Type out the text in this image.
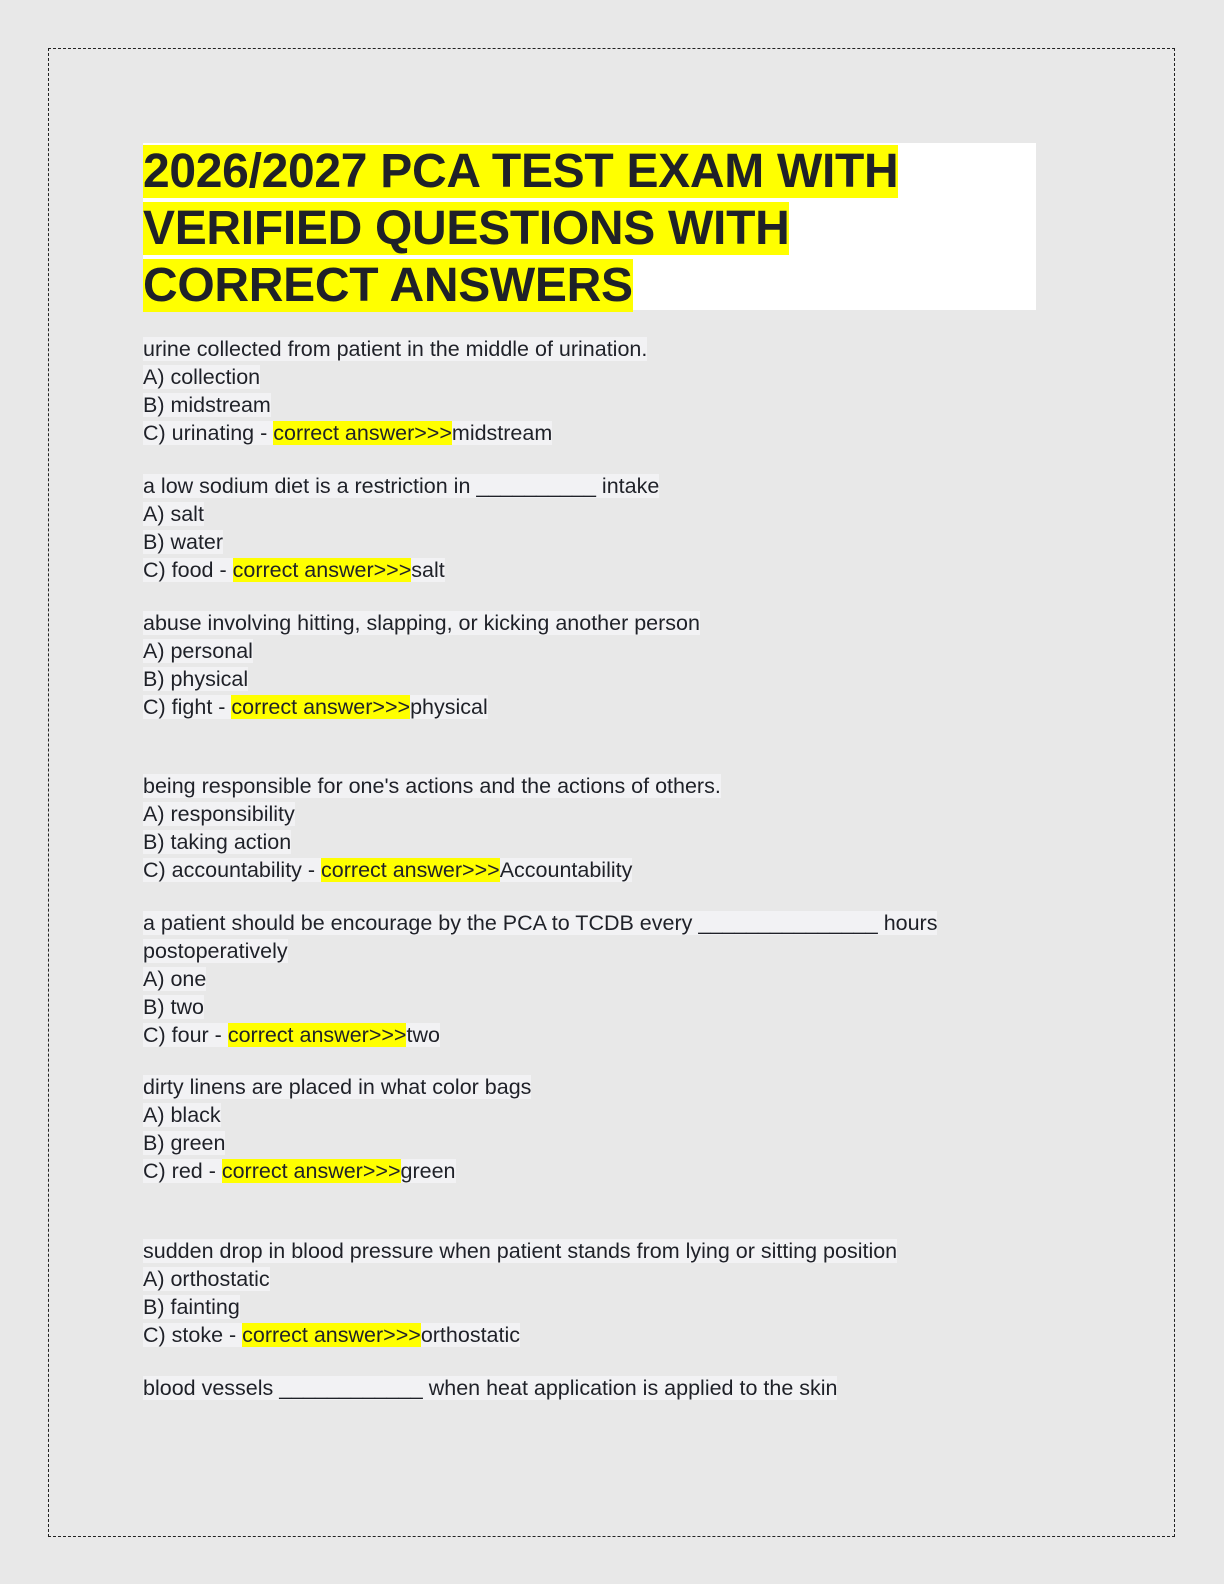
2026/2027 PCA TEST EXAM WITH
VERIFIED QUESTIONS WITH
CORRECT ANSWERS
urine collected from patient in the middle of urination.
A) collection
B) midstream
C) urinating - correct answer>>>midstream
a low sodium diet is a restriction in __________ intake
A) salt
B) water
C) food - correct answer>>>salt
abuse involving hitting, slapping, or kicking another person
A) personal
B) physical
C) fight - correct answer>>>physical
being responsible for one's actions and the actions of others.
A) responsibility
B) taking action
C) accountability - correct answer>>>Accountability
a patient should be encourage by the PCA to TCDB every _______________ hours
postoperatively
A) one
B) two
C) four - correct answer>>>two
dirty linens are placed in what color bags
A) black
B) green
C) red - correct answer>>>green
sudden drop in blood pressure when patient stands from lying or sitting position
A) orthostatic
B) fainting
C) stoke - correct answer>>>orthostatic
blood vessels ____________ when heat application is applied to the skin
